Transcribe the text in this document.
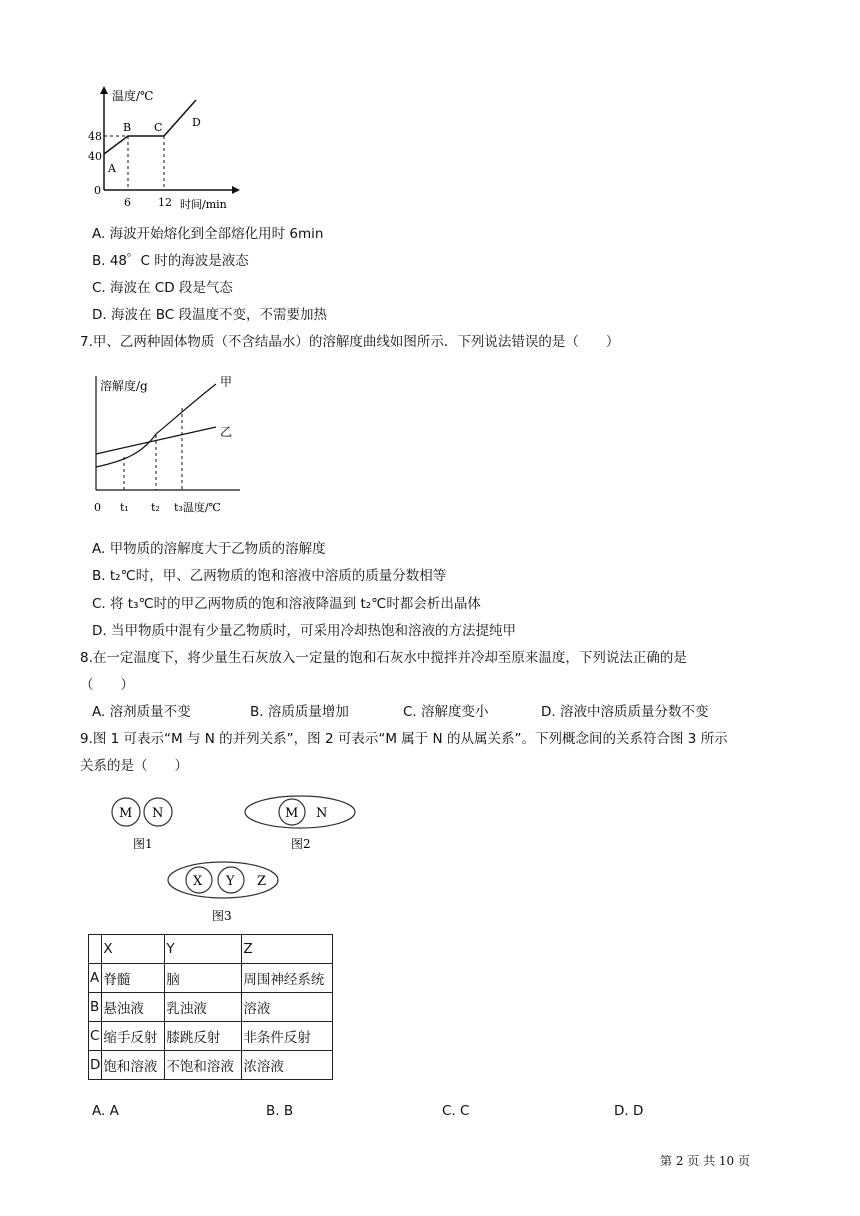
温度/℃
48
40
0
A
B C	D
6 12 时间/min
A. 海波开始熔化到全部熔化用时 6min
B. 48゜C 时的海波是液态
C. 海波在 CD 段是气态
D. 海波在 BC 段温度不变，不需要加热
7.甲、乙两种固体物质（不含结晶水）的溶解度曲线如图所示．下列说法错误的是（　　）
溶解度/g	甲
乙
0 t₁ t₂ t₃温度/℃
A. 甲物质的溶解度大于乙物质的溶解度
B. t₂℃时，甲、乙两物质的饱和溶液中溶质的质量分数相等
C. 将 t₃℃时的甲乙两物质的饱和溶液降温到 t₂℃时都会析出晶体
D. 当甲物质中混有少量乙物质时，可采用冷却热饱和溶液的方法提纯甲
8.在一定温度下，将少量生石灰放入一定量的饱和石灰水中搅拌并冷却至原来温度，下列说法正确的是
（　　）
A. 溶剂质量不变	B. 溶质质量增加	C. 溶解度变小	D. 溶液中溶质质量分数不变
9.图 1 可表示“M 与 N 的并列关系”，图 2 可表示“M 属于 N 的从属关系”。下列概念间的关系符合图 3 所示
关系的是（　　）
M N
图1
M N
图2
X Y Z
图3
	X	Y	Z
A	脊髓	脑	周围神经系统
B	悬浊液	乳浊液	溶液
C	缩手反射	膝跳反射	非条件反射
D	饱和溶液	不饱和溶液	浓溶液
A. A	B. B	C. C	D. D
第 2 页 共 10 页
